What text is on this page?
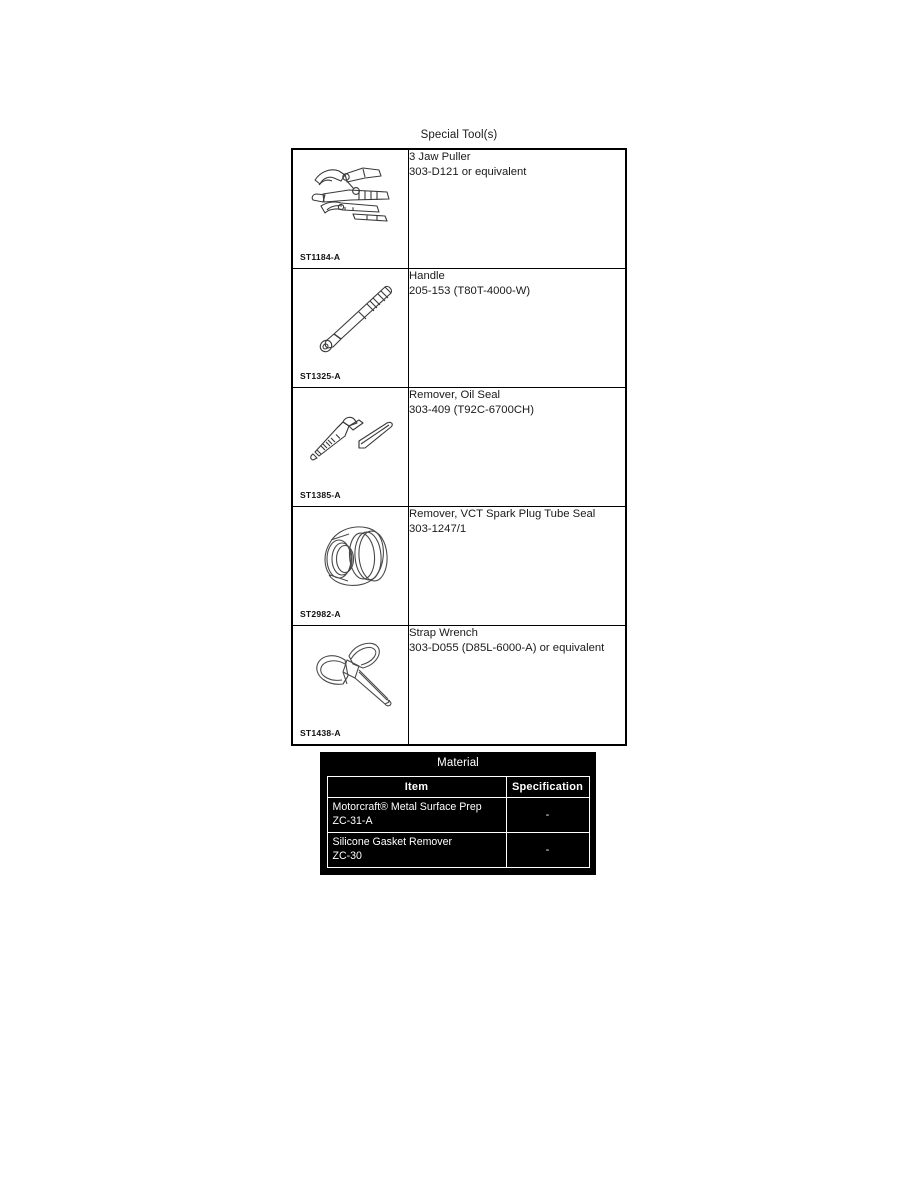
Special Tool(s)
ST1184-A	3 Jaw Puller
303-D121 or equivalent

ST1325-A	Handle
205-153 (T80T-4000-W)

ST1385-A	Remover, Oil Seal
303-409 (T92C-6700CH)

ST2982-A	Remover, VCT Spark Plug Tube Seal
303-1247/1

ST1438-A	Strap Wrench
303-D055 (D85L-6000-A) or equivalent
Material
Item	Specification

Motorcraft® Metal Surface Prep
ZC-31-A	-

Silicone Gasket Remover
ZC-30	-
